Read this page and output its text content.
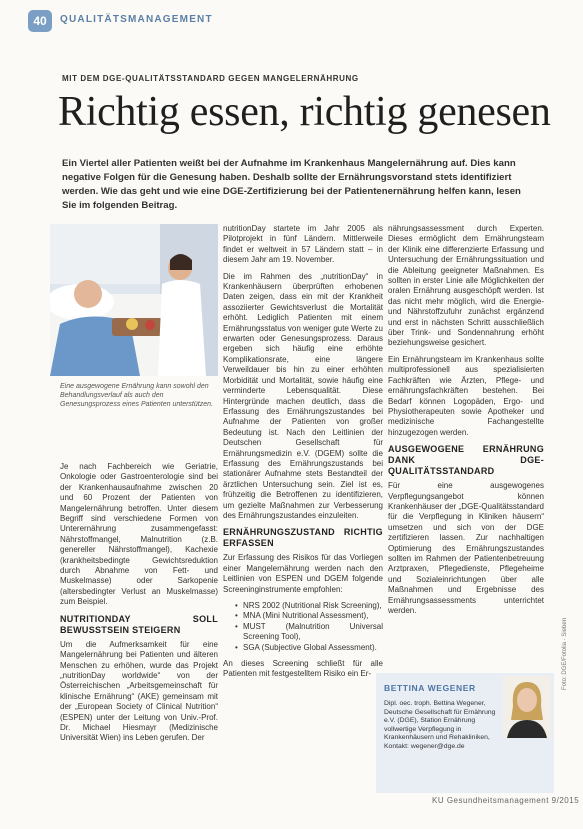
40	QUALITÄTSMANAGEMENT
MIT DEM DGE-QUALITÄTSSTANDARD GEGEN MANGELERNÄHRUNG
Richtig essen, richtig genesen
Ein Viertel aller Patienten weißt bei der Aufnahme im Krankenhaus Mangelernährung auf. Dies kann negative Folgen für die Genesung haben. Deshalb sollte der Ernährungsvorstand stets identifiziert werden. Wie das geht und wie eine DGE-Zertifizierung bei der Patientenernährung helfen kann, lesen Sie im folgenden Beitrag.
Eine ausgewogene Ernährung kann sowohl den Behandlungsverlauf als auch den Genesungsprozess eines Patienten unterstützen.

Je nach Fachbereich wie Geriatrie, Onkologie oder Gastroenterologie sind bei der Krankenhausaufnahme zwischen 20 und 60 Prozent der Patienten von Mangelernährung betroffen. Unter diesem Begriff sind verschiedene Formen von Unterernährung zusammengefasst: Nährstoffmangel, Malnutrition (z.B. genereller Nährstoffmangel), Kachexie (krankheitsbedingte Gewichtsreduktion durch Abnahme von Fett- und Muskelmasse) oder Sarkopenie (altersbedingter Verlust an Muskelmasse) zum Beispiel.

NUTRITIONDAY SOLL BEWUSSTSEIN STEIGERN

Um die Aufmerksamkeit für eine Mangelernährung bei Patienten und älteren Menschen zu erhöhen, wurde das Projekt „nutritionDay worldwide“ von der Österreichischen „Arbeitsgemeinschaft für klinische Ernährung“ (AKE) gemeinsam mit der „European Society of Clinical Nutrition“ (ESPEN) unter der Leitung von Univ.-Prof. Dr. Michael Hiesmayr (Medizinische Universität Wien) ins Leben gerufen. Der

nutritionDay startete im Jahr 2005 als Pilotprojekt in fünf Ländern. Mittlerweile findet er weltweit in 57 Ländern statt – in diesem Jahr am 19. November.

Die im Rahmen des „nutritionDay“ in Krankenhäusern überprüften erhobenen Daten zeigen, dass ein mit der Krankheit assoziierter Gewichtsverlust die Mortalität erhöht. Lediglich Patienten mit einem Ernährungsstatus von weniger gute Werte zu erwarten oder Genesungsprozess. Daraus ergeben sich häufig eine erhöhte Komplikationsrate, eine längere Verweildauer bis hin zu einer erhöhten Morbidität und Mortalität, sowie häufig eine verminderte Lebensqualität. Diese Hintergründe machen deutlich, dass die Erfassung des Ernährungszustandes bei Aufnahme der Patienten von großer Bedeutung ist. Nach den Leitlinien der Deutschen Gesellschaft für Ernährungsmedizin e.V. (DGEM) sollte die Erfassung des Ernährungszustands bei stationärer Aufnahme stets Bestandteil der ärztlichen Untersuchung sein. Ziel ist es, frühzeitig die Betroffenen zu identifizieren, um gezielte Maßnahmen zur Verbesserung des Ernährungszustandes einzuleiten.

ERNÄHRUNGSZUSTAND RICHTIG ERFASSEN

Zur Erfassung des Risikos für das Vorliegen einer Mangelernährung werden nach den Leitlinien von ESPEN und DGEM folgende Screeninginstrumente empfohlen:

• NRS 2002 (Nutritional Risk Screening),
• MNA (Mini Nutritional Assessment),
• MUST (Malnutrition Universal Screening Tool),
• SGA (Subjective Global Assessment).

An dieses Screening schließt für alle Patienten mit festgestelltem Risiko ein Er-

nährungsassessment durch Experten. Dieses ermöglicht dem Ernährungsteam der Klinik eine differenzierte Erfassung und Untersuchung der Ernährungssituation und die Ableitung geeigneter Maßnahmen. Es sollten in erster Linie alle Möglichkeiten der oralen Ernährung ausgeschöpft werden. Ist das nicht mehr möglich, wird die Energie- und Nährstoffzufuhr zunächst ergänzend und erst in nächsten Schritt ausschließlich über Trink- und Sondennahrung erhöht beziehungsweise gesichert.

Ein Ernährungsteam im Krankenhaus sollte multiprofessionell aus spezialisierten Fachkräften wie Ärzten, Pflege- und ernährungsfachkräften bestehen. Bei Bedarf können Logopäden, Ergo- und Physiotherapeuten sowie Apotheker und medizinische Fachangestellte hinzugezogen werden.

AUSGEWOGENE ERNÄHRUNG DANK DGE-QUALITÄTSSTANDARD

Für eine ausgewogenes Verpflegungsangebot können Krankenhäuser der „DGE-Qualitätsstandard für die Verpflegung in Kliniken häusern“ umsetzen und sich von der DGE zertifizieren lassen. Zur nachhaltigen Optimierung des Ernährungszustandes sollten im Rahmen der Patientenbetreuung Arztpraxen, Pflegedienste, Pflegeheime und Sozialeinrichtungen über alle Maßnahmen und Ergebnisse des Ernährungsassessments unterrichtet werden.

BETTINA WEGENER
Dipl. oec. troph. Bettina Wegener, Deutsche Gesellschaft für Ernährung e.V. (DGE), Station Ernährung vollwertige Verpflegung in Krankenhäusern und Rehakliniken, Kontakt: wegener@dge.de
KU Gesundheitsmanagement 9/2015
Foto: DGE/Fotolia · Sieben
